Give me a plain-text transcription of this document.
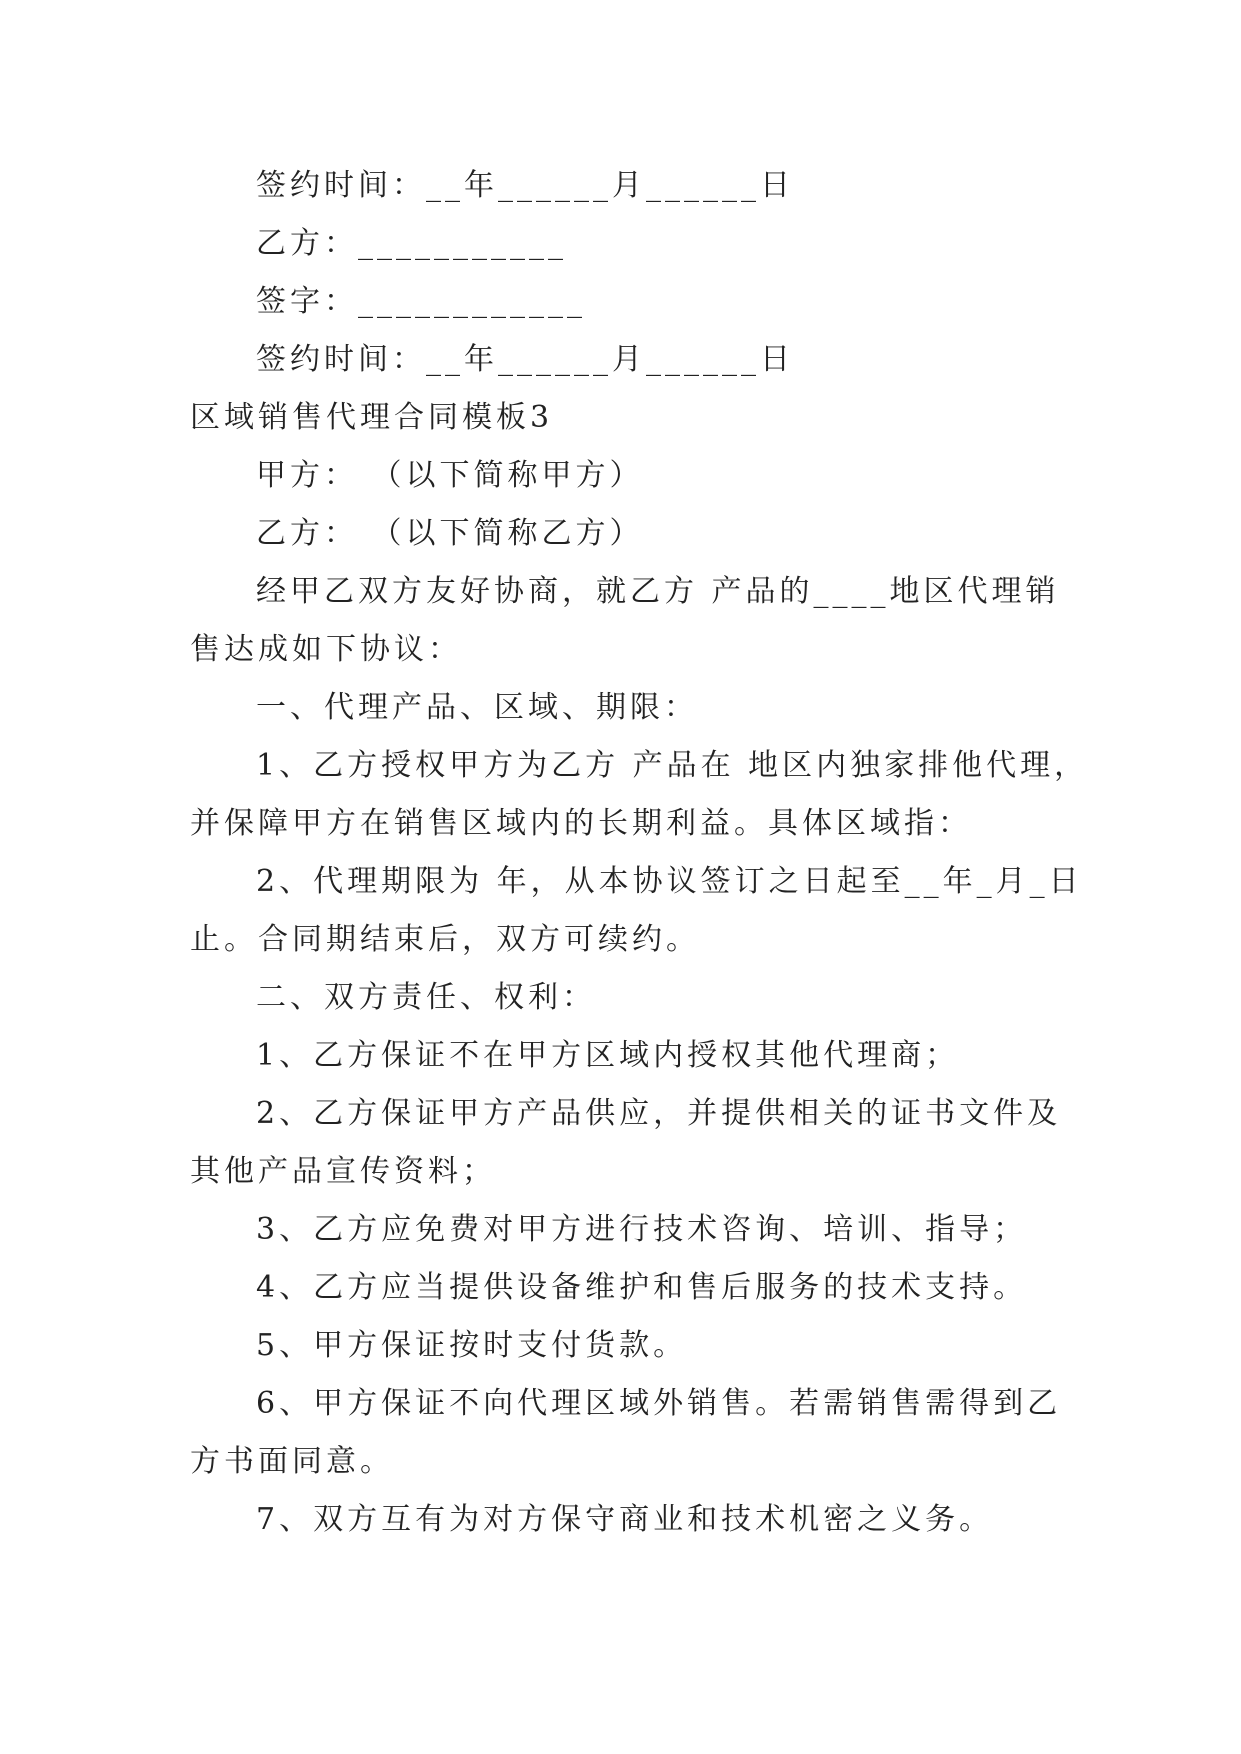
签约时间：__年______月______日

乙方：___________

签字：____________

签约时间：__年______月______日

区域销售代理合同模板3

甲方： （以下简称甲方）

乙方： （以下简称乙方）

经甲乙双方友好协商，就乙方 产品的____地区代理销

售达成如下协议：

一、代理产品、区域、期限：

1、乙方授权甲方为乙方 产品在 地区内独家排他代理，

并保障甲方在销售区域内的长期利益。具体区域指：

2、代理期限为 年，从本协议签订之日起至__年_月_日

止。合同期结束后，双方可续约。

二、双方责任、权利：

1、乙方保证不在甲方区域内授权其他代理商；

2、乙方保证甲方产品供应，并提供相关的证书文件及

其他产品宣传资料；

3、乙方应免费对甲方进行技术咨询、培训、指导；

4、乙方应当提供设备维护和售后服务的技术支持。

5、甲方保证按时支付货款。

6、甲方保证不向代理区域外销售。若需销售需得到乙

方书面同意。

7、双方互有为对方保守商业和技术机密之义务。
